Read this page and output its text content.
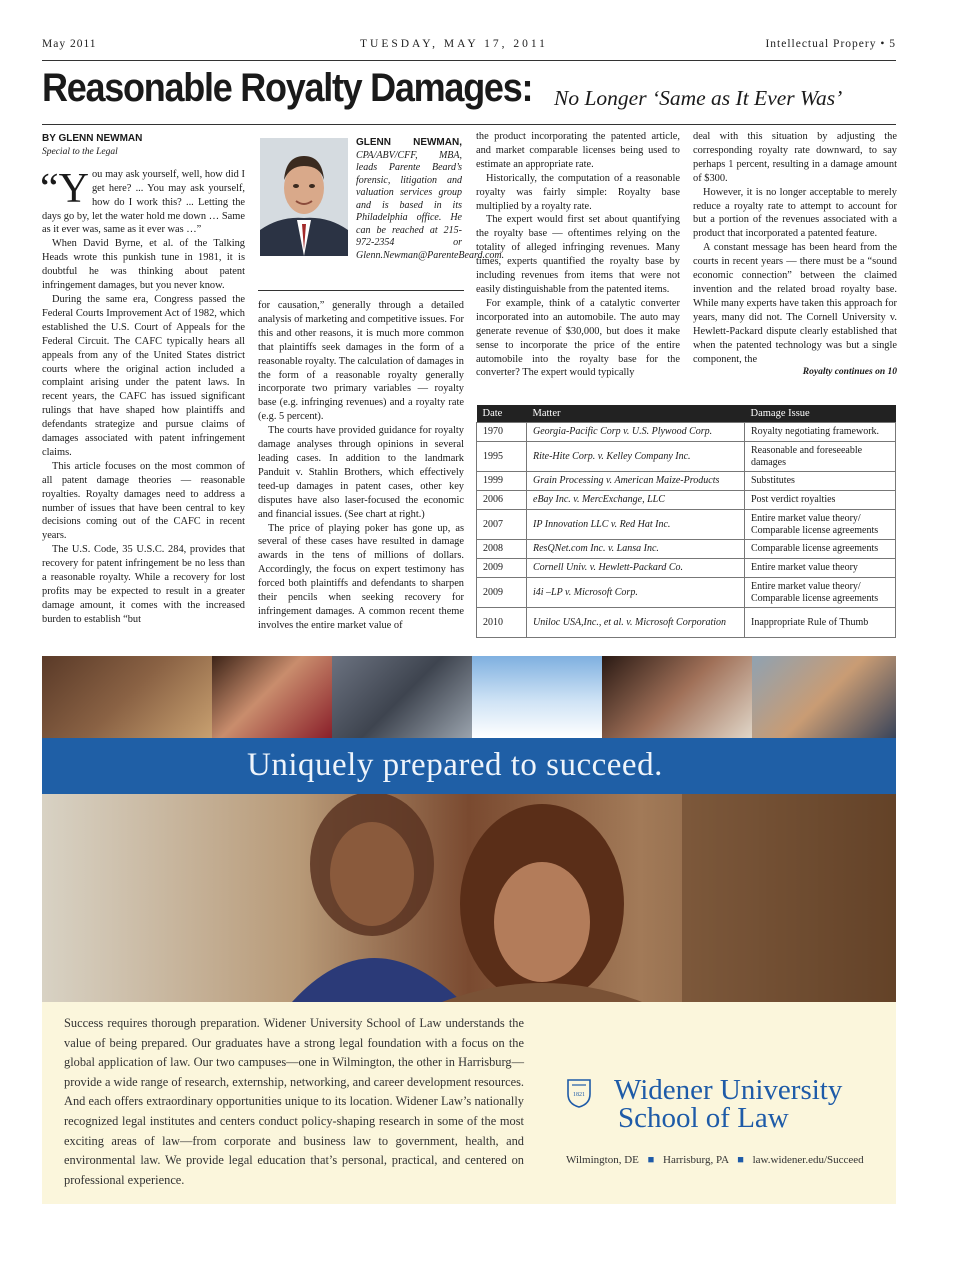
May 2011	TUESDAY, MAY 17, 2011	Intellectual Propery • 5
Reasonable Royalty Damages: No Longer ‘Same as It Ever Was’
BY GLENN NEWMAN
Special to the Legal

“You may ask yourself, well, how did I get here? ... You may ask yourself, how do I work this? ... Letting the days go by, let the water hold me down … Same as it ever was, same as it ever was …”

When David Byrne, et al. of the Talking Heads wrote this punkish tune in 1981, it is doubtful he was thinking about patent infringement damages, but you never know.

During the same era, Congress passed the Federal Courts Improvement Act of 1982, which established the U.S. Court of Appeals for the Federal Circuit. The CAFC typically hears all appeals from any of the United States district courts where the original action included a complaint arising under the patent laws. In recent years, the CAFC has issued significant rulings that have shaped how plaintiffs and defendants strategize and pursue claims of damages associated with patent infringement claims.

This article focuses on the most common of all patent damage theories — reasonable royalties. Royalty damages need to address a number of issues that have been central to key decisions coming out of the CAFC in recent years.

The U.S. Code, 35 U.S.C. 284, provides that recovery for patent infringement be no less than a reasonable royalty. While a recovery for lost profits may be expected to result in a greater damage amount, it comes with the increased burden to establish “but

GLENN NEWMAN, CPA/ABV/CFF, MBA, leads Parente Beard’s forensic, litigation and valuation services group and is based in its Philadelphia office. He can be reached at 215-972-2354 or Glenn.Newman@ParenteBeard.com.

for causation,” generally through a detailed analysis of marketing and competitive issues. For this and other reasons, it is much more common that plaintiffs seek damages in the form of a reasonable royalty. The calculation of damages in the form of a reasonable royalty generally incorporate two primary variables — royalty base (e.g. infringing revenues) and a royalty rate (e.g. 5 percent).

The courts have provided guidance for royalty damage analyses through opinions in several leading cases. In addition to the landmark Panduit v. Stahlin Brothers, which effectively teed-up damages in patent cases, other key disputes have also laser-focused the economic and financial issues. (See chart at right.)

The price of playing poker has gone up, as several of these cases have resulted in damage awards in the tens of millions of dollars. Accordingly, the focus on expert testimony has forced both plaintiffs and defendants to sharpen their pencils when seeking recovery for infringement damages. A common recent theme involves the entire market value of

the product incorporating the patented article, and market comparable licenses being used to estimate an appropriate rate.

Historically, the computation of a reasonable royalty was fairly simple: Royalty base multiplied by a royalty rate.

The expert would first set about quantifying the royalty base — oftentimes relying on the totality of alleged infringing revenues. Many times, experts quantified the royalty base by including revenues from items that were not easily distinguishable from the patented items.

For example, think of a catalytic converter incorporated into an automobile. The auto may generate revenue of $30,000, but does it make sense to incorporate the price of the entire automobile into the royalty base for the converter? The expert would typically

deal with this situation by adjusting the corresponding royalty rate downward, to say perhaps 1 percent, resulting in a damage amount of $300.

However, it is no longer acceptable to merely reduce a royalty rate to attempt to account for but a portion of the revenues associated with a product that incorporated a patented feature.

A constant message has been heard from the courts in recent years — there must be a “sound economic connection” between the claimed invention and the related broad royalty base. While many experts have taken this approach for years, many did not. The Cornell University v. Hewlett-Packard dispute clearly established that when the patented technology was but a single component, the

Royalty continues on 10
Date	Matter	Damage Issue
1970	Georgia-Pacific Corp v. U.S. Plywood Corp.	Royalty negotiating framework.
1995	Rite-Hite Corp. v. Kelley Company Inc.	Reasonable and foreseeable damages
1999	Grain Processing v. American Maize-Products	Substitutes
2006	eBay Inc. v. MercExchange, LLC	Post verdict royalties
2007	IP Innovation LLC v. Red Hat Inc.	Entire market value theory/ Comparable license agreements
2008	ResQNet.com Inc. v. Lansa Inc.	Comparable license agreements
2009	Cornell Univ. v. Hewlett-Packard Co.	Entire market value theory
2009	i4i –LP v. Microsoft Corp.	Entire market value theory/ Comparable license agreements
2010	Uniloc USA,Inc., et al. v. Microsoft Corporation	Inappropriate Rule of Thumb
Uniquely prepared to succeed.
Success requires thorough preparation. Widener University School of Law understands the value of being prepared. Our graduates have a strong legal foundation with a focus on the global application of law. Our two campuses—one in Wilmington, the other in Harrisburg—provide a wide range of research, externship, networking, and career development resources. And each offers extraordinary opportunities unique to its location. Widener Law’s nationally recognized legal institutes and centers conduct policy-shaping research in some of the most exciting areas of law—from corporate and business law to government, health, and environmental law. We provide legal education that’s personal, practical, and centered on professional experience.
1821 Widener University
School of Law
Wilmington, DE ■ Harrisburg, PA ■ law.widener.edu/Succeed
